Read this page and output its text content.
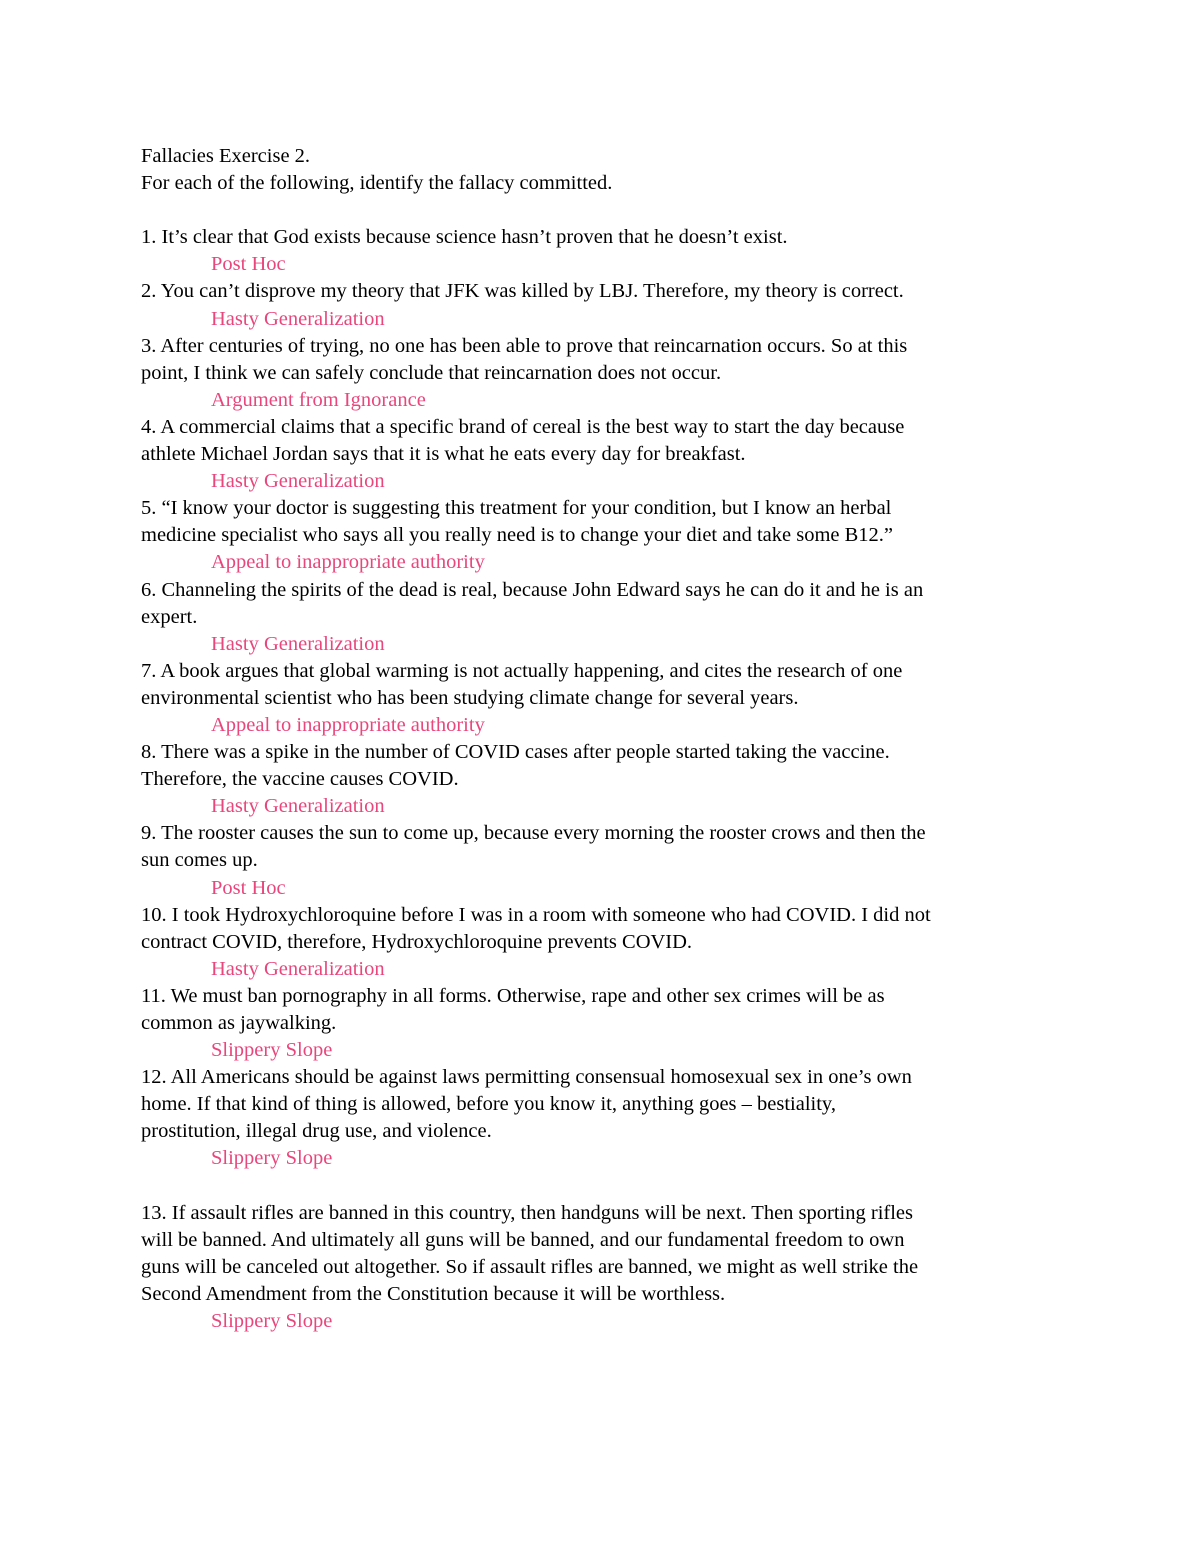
Fallacies Exercise 2.
For each of the following, identify the fallacy committed.
1. It’s clear that God exists because science hasn’t proven that he doesn’t exist.
Post Hoc
2. You can’t disprove my theory that JFK was killed by LBJ. Therefore, my theory is correct.
Hasty Generalization
3. After centuries of trying, no one has been able to prove that reincarnation occurs. So at this
point, I think we can safely conclude that reincarnation does not occur.
Argument from Ignorance
4. A commercial claims that a specific brand of cereal is the best way to start the day because
athlete Michael Jordan says that it is what he eats every day for breakfast.
Hasty Generalization
5. “I know your doctor is suggesting this treatment for your condition, but I know an herbal
medicine specialist who says all you really need is to change your diet and take some B12.”
Appeal to inappropriate authority
6. Channeling the spirits of the dead is real, because John Edward says he can do it and he is an
expert.
Hasty Generalization
7. A book argues that global warming is not actually happening, and cites the research of one
environmental scientist who has been studying climate change for several years.
Appeal to inappropriate authority
8. There was a spike in the number of COVID cases after people started taking the vaccine.
Therefore, the vaccine causes COVID.
Hasty Generalization
9. The rooster causes the sun to come up, because every morning the rooster crows and then the
sun comes up.
Post Hoc
10. I took Hydroxychloroquine before I was in a room with someone who had COVID. I did not
contract COVID, therefore, Hydroxychloroquine prevents COVID.
Hasty Generalization
11. We must ban pornography in all forms. Otherwise, rape and other sex crimes will be as
common as jaywalking.
Slippery Slope
12. All Americans should be against laws permitting consensual homosexual sex in one’s own
home. If that kind of thing is allowed, before you know it, anything goes – bestiality,
prostitution, illegal drug use, and violence.
Slippery Slope
13. If assault rifles are banned in this country, then handguns will be next. Then sporting rifles
will be banned. And ultimately all guns will be banned, and our fundamental freedom to own
guns will be canceled out altogether. So if assault rifles are banned, we might as well strike the
Second Amendment from the Constitution because it will be worthless.
Slippery Slope
